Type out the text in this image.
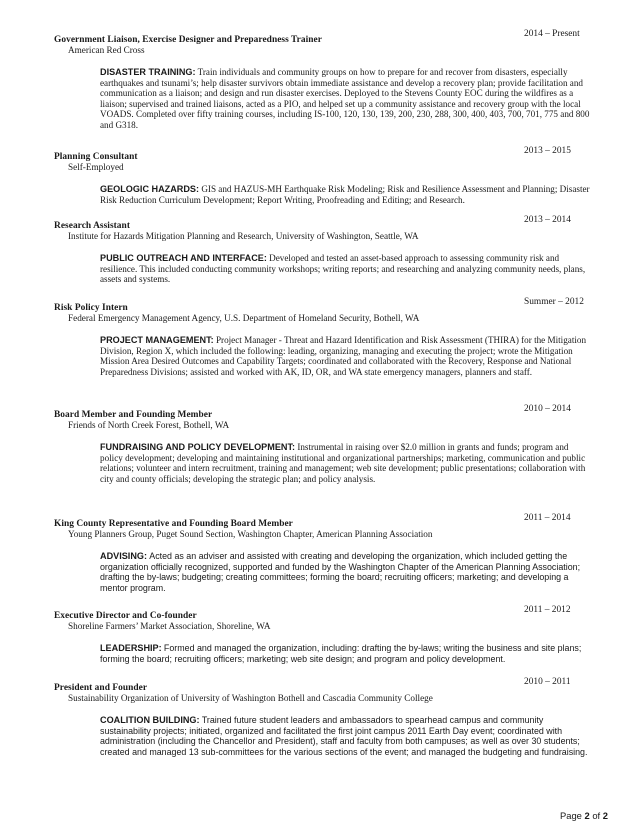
Government Liaison, Exercise Designer and Preparedness Trainer
2014 – Present
American Red Cross
DISASTER TRAINING: Train individuals and community groups on how to prepare for and recover from disasters, especially earthquakes and tsunami’s; help disaster survivors obtain immediate assistance and develop a recovery plan; provide facilitation and communication as a liaison; and design and run disaster exercises. Deployed to the Stevens County EOC during the wildfires as a liaison; supervised and trained liaisons, acted as a PIO, and helped set up a community assistance and recovery group with the local VOADS. Completed over fifty training courses, including IS-100, 120, 130, 139, 200, 230, 288, 300, 400, 403, 700, 701, 775 and 800 and G318.
Planning Consultant
2013 – 2015
Self-Employed
GEOLOGIC HAZARDS: GIS and HAZUS-MH Earthquake Risk Modeling; Risk and Resilience Assessment and Planning; Disaster Risk Reduction Curriculum Development; Report Writing, Proofreading and Editing; and Research.
Research Assistant
2013 – 2014
Institute for Hazards Mitigation Planning and Research, University of Washington, Seattle, WA
PUBLIC OUTREACH AND INTERFACE: Developed and tested an asset-based approach to assessing community risk and resilience. This included conducting community workshops; writing reports; and researching and analyzing community needs, plans, assets and systems.
Risk Policy Intern
Summer – 2012
Federal Emergency Management Agency, U.S. Department of Homeland Security, Bothell, WA
PROJECT MANAGEMENT: Project Manager - Threat and Hazard Identification and Risk Assessment (THIRA) for the Mitigation Division, Region X, which included the following: leading, organizing, managing and executing the project; wrote the Mitigation Mission Area Desired Outcomes and Capability Targets; coordinated and collaborated with the Recovery, Response and National Preparedness Divisions; assisted and worked with AK, ID, OR, and WA state emergency managers, planners and staff.
Board Member and Founding Member
2010 – 2014
Friends of North Creek Forest, Bothell, WA
FUNDRAISING AND POLICY DEVELOPMENT: Instrumental in raising over $2.0 million in grants and funds; program and policy development; developing and maintaining institutional and organizational partnerships; marketing, communication and public relations; volunteer and intern recruitment, training and management; web site development; public presentations; collaboration with city and county officials; developing the strategic plan; and policy analysis.
King County Representative and Founding Board Member
2011 – 2014
Young Planners Group, Puget Sound Section, Washington Chapter, American Planning Association
ADVISING: Acted as an adviser and assisted with creating and developing the organization, which included getting the organization officially recognized, supported and funded by the Washington Chapter of the American Planning Association; drafting the by-laws; budgeting; creating committees; forming the board; recruiting officers; marketing; and developing a mentor program.
Executive Director and Co-founder
2011 – 2012
Shoreline Farmers’ Market Association, Shoreline, WA
LEADERSHIP: Formed and managed the organization, including: drafting the by-laws; writing the business and site plans; forming the board; recruiting officers; marketing; web site design; and program and policy development.
President and Founder
2010 – 2011
Sustainability Organization of University of Washington Bothell and Cascadia Community College
COALITION BUILDING: Trained future student leaders and ambassadors to spearhead campus and community sustainability projects; initiated, organized and facilitated the first joint campus 2011 Earth Day event; coordinated with administration (including the Chancellor and President), staff and faculty from both campuses; as well as over 30 students; created and managed 13 sub-committees for the various sections of the event; and managed the budgeting and fundraising.
Page 2 of 2
